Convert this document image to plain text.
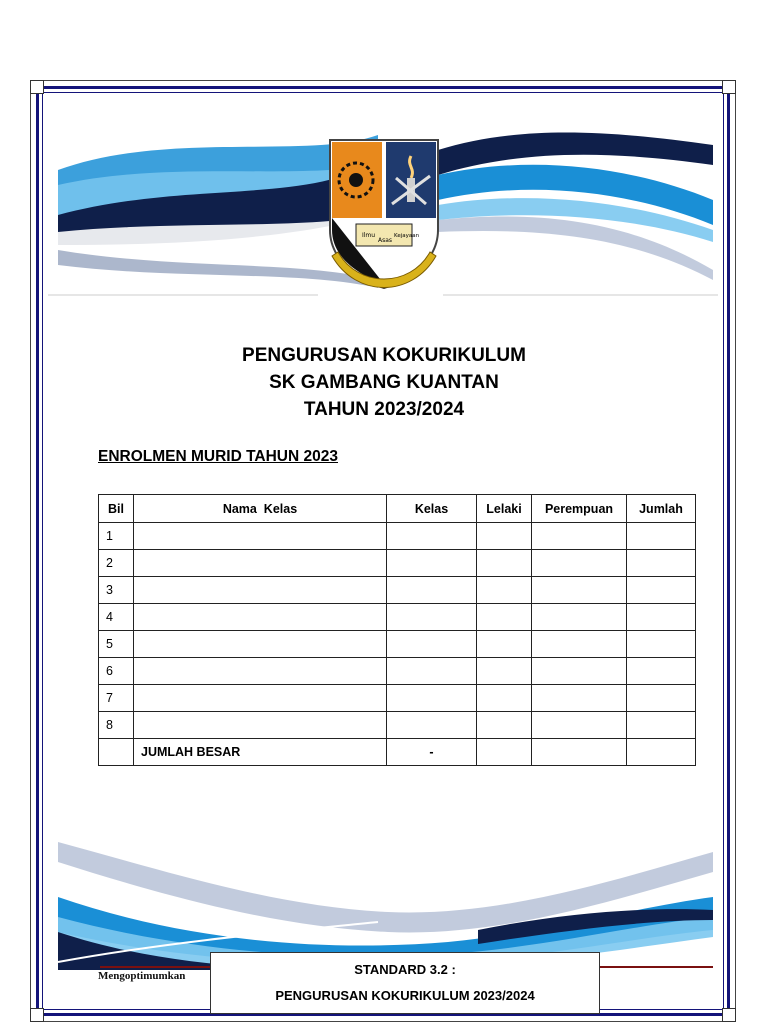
Ilmu
Asas
Kejayaan
PENGURUSAN KOKURIKULUM
SK GAMBANG KUANTAN
TAHUN 2023/2024
ENROLMEN MURID TAHUN 2023
Bil	Nama  Kelas	Kelas	Lelaki	Perempuan	Jumlah
1					
2					
3					
4					
5					
6					
7					
8					
	JUMLAH BESAR	-			
Mengoptimumkan	STANDARD 3.2 :
PENGURUSAN KOKURIKULUM 2023/2024
